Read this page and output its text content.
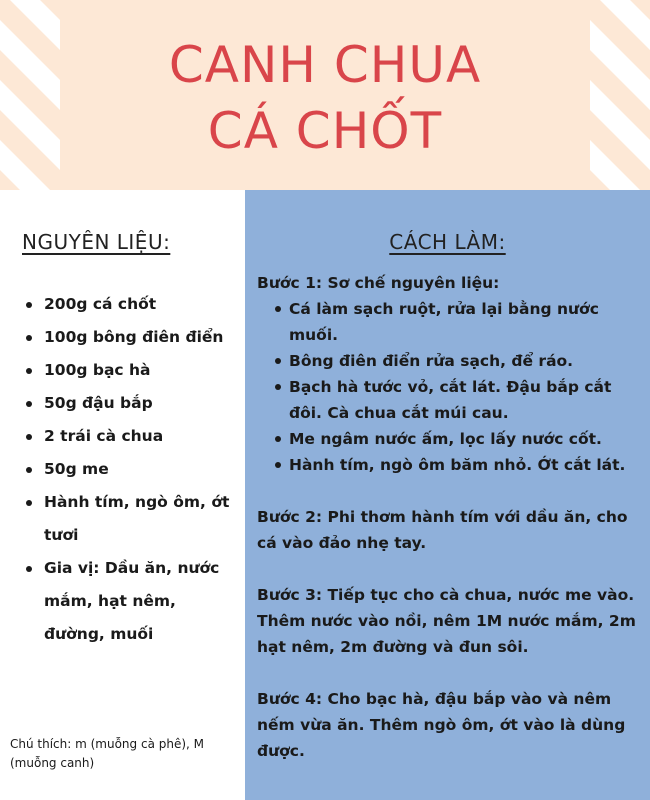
CANH CHUA
CÁ CHỐT
NGUYÊN LIỆU:
200g cá chốt
100g bông điên điển
100g bạc hà
50g đậu bắp
2 trái cà chua
50g me
Hành tím, ngò ôm, ớt tươi
Gia vị: Dầu ăn, nước mắm, hạt nêm, đường, muối
Chú thích: m (muỗng cà phê), M (muỗng canh)
CÁCH LÀM:
Bước 1: Sơ chế nguyên liệu:
Cá làm sạch ruột, rửa lại bằng nước muối.
Bông điên điển rửa sạch, để ráo.
Bạch hà tước vỏ, cắt lát. Đậu bắp cắt đôi. Cà chua cắt múi cau.
Me ngâm nước ấm, lọc lấy nước cốt.
Hành tím, ngò ôm băm nhỏ. Ớt cắt lát.

Bước 2: Phi thơm hành tím với dầu ăn, cho cá vào đảo nhẹ tay.

Bước 3: Tiếp tục cho cà chua, nước me vào. Thêm nước vào nồi, nêm 1M nước mắm, 2m hạt nêm, 2m đường và đun sôi.

Bước 4: Cho bạc hà, đậu bắp vào và nêm nếm vừa ăn. Thêm ngò ôm, ớt vào là dùng được.
